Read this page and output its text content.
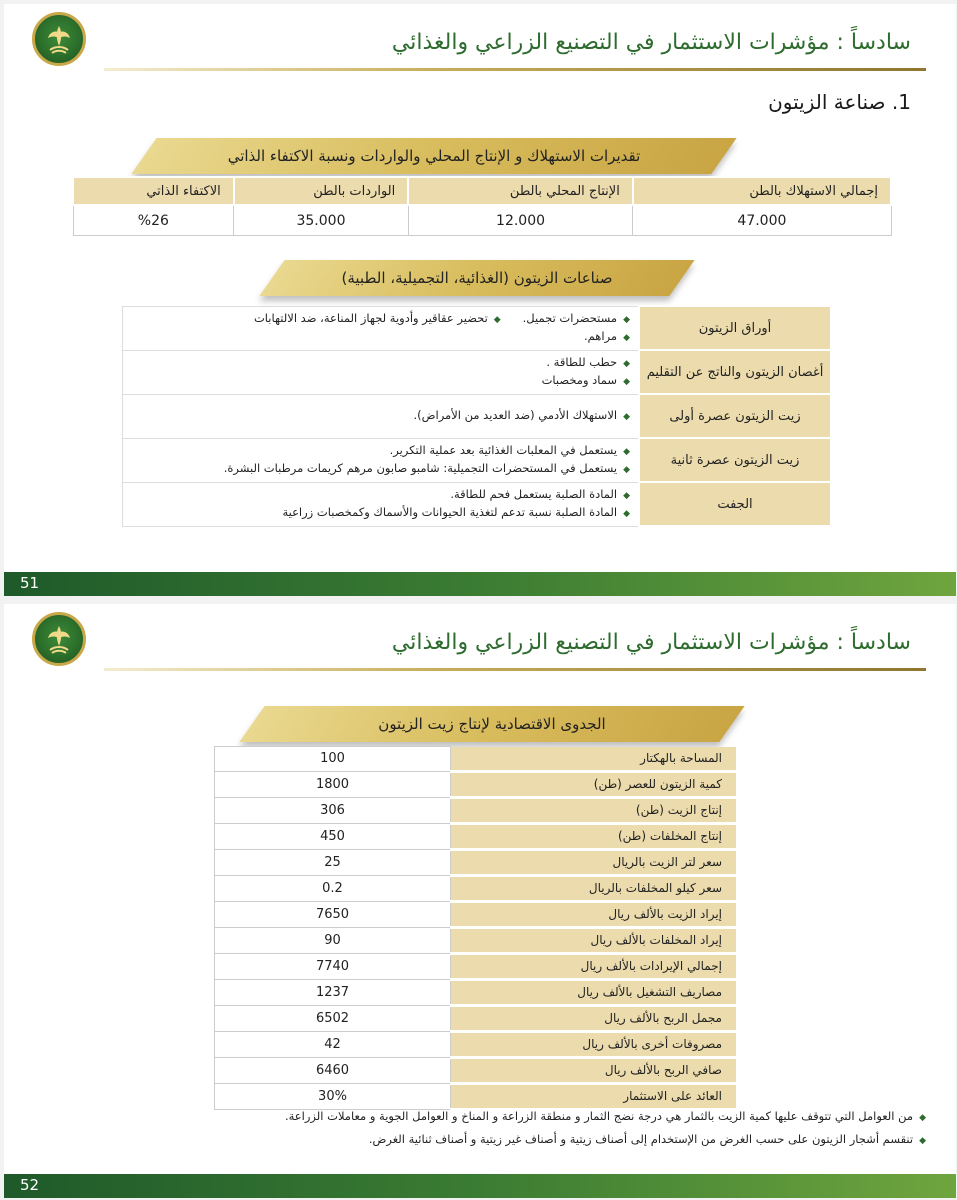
سادساً : مؤشرات الاستثمار في التصنيع الزراعي والغذائي
1. صناعة الزيتون
تقديرات الاستهلاك و الإنتاج المحلي والواردات ونسبة الاكتفاء الذاتي
إجمالي الاستهلاك بالطن	الإنتاج المحلي بالطن	الواردات بالطن	الاكتفاء الذاتي
47.000	12.000	35.000	%26
صناعات الزيتون (الغذائية، التجميلية، الطبية)
أوراق الزيتون	◆مستحضرات تجميل.      ◆تحضير عقاقير وأدوية لجهاز المناعة، ضد الالتهابات
◆مراهم.

أغصان الزيتون والناتج عن التقليم	◆حطب للطاقة .
◆سماد ومخصبات

زيت الزيتون عصرة أولى	◆الاستهلاك الأدمي (ضد العديد من الأمراض).

زيت الزيتون عصرة ثانية	◆يستعمل في المعلبات الغذائية بعد عملية التكرير.
◆يستعمل في المستحضرات التجميلية: شامبو صابون مرهم كريمات مرطبات البشرة.

الجفت	◆المادة الصلبة يستعمل فحم للطاقة.
◆المادة الصلبة نسبة تدعم لتغذية الحيوانات والأسماك وكمخصبات زراعية
51
سادساً : مؤشرات الاستثمار في التصنيع الزراعي والغذائي
الجدوى الاقتصادية لإنتاج زيت الزيتون
المساحة بالهكتار	100
كمية الزيتون للعصر (طن)	1800
إنتاج الزيت (طن)	306
إنتاج المخلفات (طن)	450
سعر لتر الزيت بالريال	25
سعر كيلو المخلفات بالريال	0.2
إيراد الزيت بالألف ريال	7650
إيراد المخلفات بالألف ريال	90
إجمالي الإيرادات بالألف ريال	7740
مصاريف التشغيل بالألف ريال	1237
مجمل الربح بالألف ريال	6502
مصروفات أخرى بالألف ريال	42
صافي الربح بالألف ريال	6460
العائد على الاستثمار	30%
◆من العوامل التي تتوقف عليها كمية الزيت بالثمار هي درجة نضج الثمار و منطقة الزراعة و المناخ و العوامل الجوية و معاملات الزراعة.
◆تنقسم أشجار الزيتون على حسب الغرض من الإستخدام إلى أصناف زيتية و أصناف غير زيتية و أصناف ثنائية الغرض.
52
